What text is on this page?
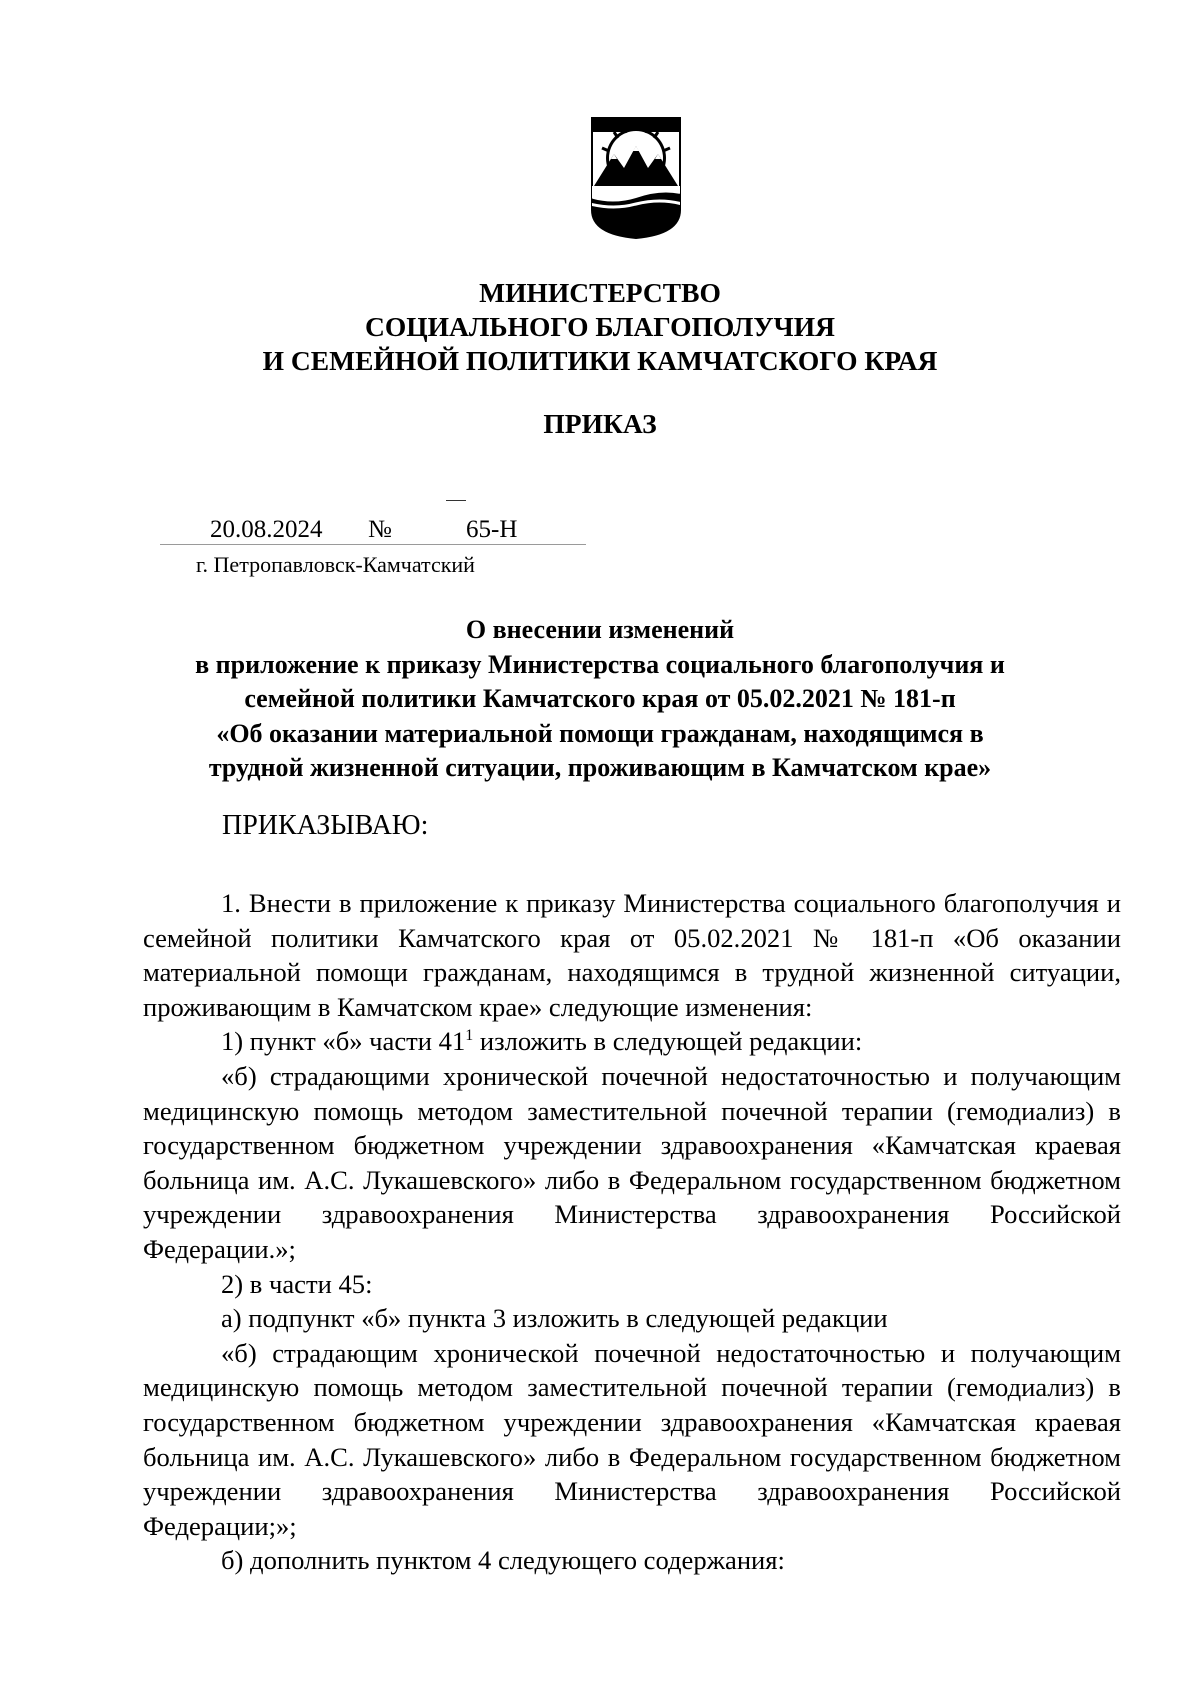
МИНИСТЕРСТВО
СОЦИАЛЬНОГО БЛАГОПОЛУЧИЯ
И СЕМЕЙНОЙ ПОЛИТИКИ КАМЧАТСКОГО КРАЯ
ПРИКАЗ
20.08.2024 №	65-Н
г. Петропавловск-Камчатский
О внесении изменений
в приложение к приказу Министерства социального благополучия и
семейной политики Камчатского края от 05.02.2021 № 181-п
«Об оказании материальной помощи гражданам, находящимся в
трудной жизненной ситуации, проживающим в Камчатском крае»
ПРИКАЗЫВАЮ:

1. Внести в приложение к приказу Министерства социального благополучия и семейной политики Камчатского края от 05.02.2021 № 181-п «Об оказании материальной помощи гражданам, находящимся в трудной жизненной ситуации, проживающим в Камчатском крае» следующие изменения:

1) пункт «б» части $41^1$ изложить в следующей редакции:

«б) страдающими хронической почечной недостаточностью и получающим медицинскую помощь методом заместительной почечной терапии (гемодиализ) в государственном бюджетном учреждении здравоохранения «Камчатская краевая больница им. А.С. Лукашевского» либо в Федеральном государственном бюджетном учреждении здравоохранения Министерства здравоохранения Российской Федерации.»;

2) в части 45:

а) подпункт «б» пункта 3 изложить в следующей редакции

«б) страдающим хронической почечной недостаточностью и получающим медицинскую помощь методом заместительной почечной терапии (гемодиализ) в государственном бюджетном учреждении здравоохранения «Камчатская краевая больница им. А.С. Лукашевского» либо в Федеральном государственном бюджетном учреждении здравоохранения Министерства здравоохранения Российской Федерации;»;

б) дополнить пунктом 4 следующего содержания:
